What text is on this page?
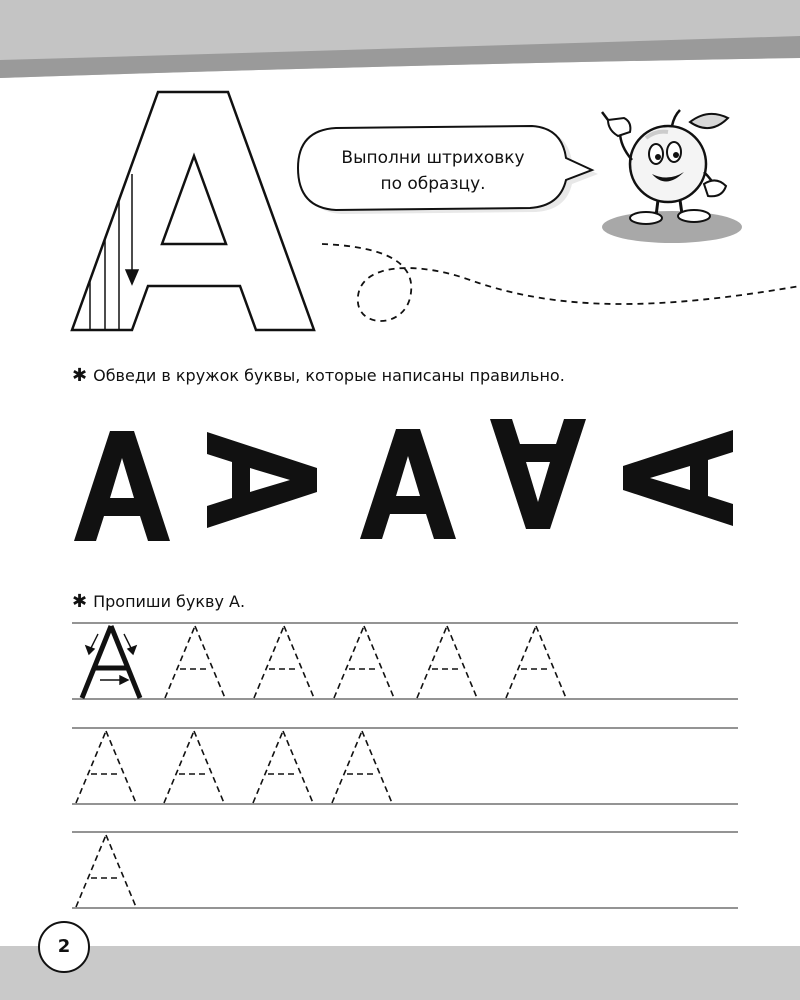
Выполни штриховку
по образцу.
✱ Обведи в кружок буквы, которые написаны правильно.
✱ Пропиши букву А.
2
